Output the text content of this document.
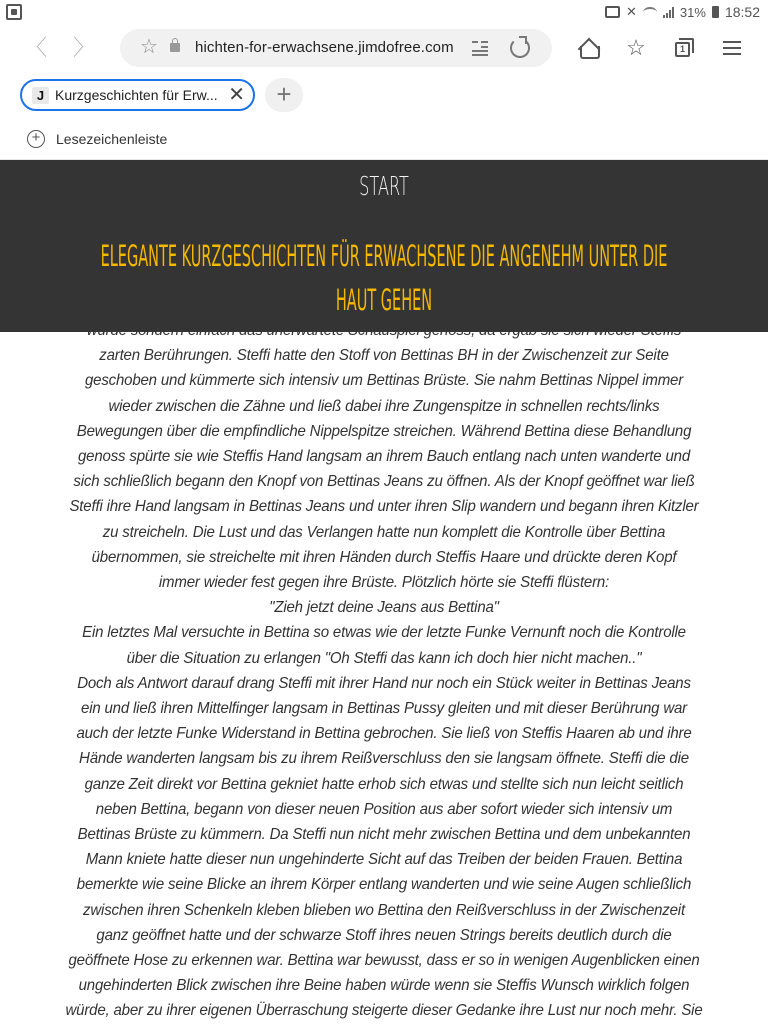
✕	31% 18:52
〈 〉 ☆ hichten-for-erwachsene.jimdofree.com	☆	1
J Kurzgeschichten für Erw... ✕	+
+	Lesezeichenleiste

zarten Berührungen. Steffi hatte den Stoff von Bettinas BH in der Zwischenzeit zur Seite

geschoben und kümmerte sich intensiv um Bettinas Brüste. Sie nahm Bettinas Nippel immer

wieder zwischen die Zähne und ließ dabei ihre Zungenspitze in schnellen rechts/links

Bewegungen über die empfindliche Nippelspitze streichen. Während Bettina diese Behandlung

genoss spürte sie wie Steffis Hand langsam an ihrem Bauch entlang nach unten wanderte und

sich schließlich begann den Knopf von Bettinas Jeans zu öffnen. Als der Knopf geöffnet war ließ

Steffi ihre Hand langsam in Bettinas Jeans und unter ihren Slip wandern und begann ihren Kitzler

zu streicheln. Die Lust und das Verlangen hatte nun komplett die Kontrolle über Bettina

übernommen, sie streichelte mit ihren Händen durch Steffis Haare und drückte deren Kopf

immer wieder fest gegen ihre Brüste. Plötzlich hörte sie Steffi flüstern:

"Zieh jetzt deine Jeans aus Bettina"

Ein letztes Mal versuchte in Bettina so etwas wie der letzte Funke Vernunft noch die Kontrolle

über die Situation zu erlangen "Oh Steffi das kann ich doch hier nicht machen.."

Doch als Antwort darauf drang Steffi mit ihrer Hand nur noch ein Stück weiter in Bettinas Jeans

ein und ließ ihren Mittelfinger langsam in Bettinas Pussy gleiten und mit dieser Berührung war

auch der letzte Funke Widerstand in Bettina gebrochen. Sie ließ von Steffis Haaren ab und ihre

Hände wanderten langsam bis zu ihrem Reißverschluss den sie langsam öffnete. Steffi die die

ganze Zeit direkt vor Bettina gekniet hatte erhob sich etwas und stellte sich nun leicht seitlich

neben Bettina, begann von dieser neuen Position aus aber sofort wieder sich intensiv um

Bettinas Brüste zu kümmern. Da Steffi nun nicht mehr zwischen Bettina und dem unbekannten

Mann kniete hatte dieser nun ungehinderte Sicht auf das Treiben der beiden Frauen. Bettina

bemerkte wie seine Blicke an ihrem Körper entlang wanderten und wie seine Augen schließlich

zwischen ihren Schenkeln kleben blieben wo Bettina den Reißverschluss in der Zwischenzeit

ganz geöffnet hatte und der schwarze Stoff ihres neuen Strings bereits deutlich durch die

geöffnete Hose zu erkennen war. Bettina war bewusst, dass er so in wenigen Augenblicken einen

ungehinderten Blick zwischen ihre Beine haben würde wenn sie Steffis Wunsch wirklich folgen

würde, aber zu ihrer eigenen Überraschung steigerte dieser Gedanke ihre Lust nur noch mehr. Sie

START
ELEGANTE KURZGESCHICHTEN FÜR ERWACHSENE DIE ANGENEHM UNTER DIE
HAUT GEHEN
